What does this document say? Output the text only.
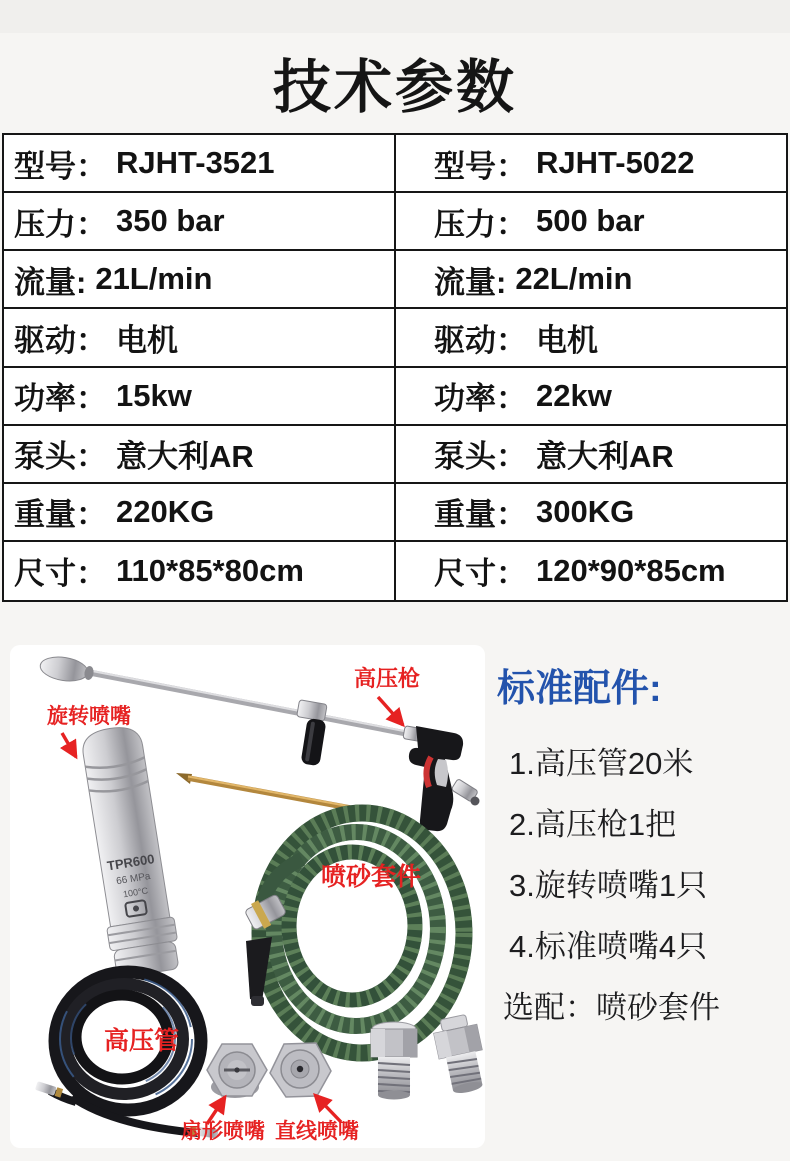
技术参数
型号： RJHT-3521	型号： RJHT-5022
压力： 350 bar	压力： 500 bar
流量: 21L/min	流量: 22L/min
驱动： 电机	驱动： 电机
功率： 15kw	功率： 22kw
泵头： 意大利AR	泵头： 意大利AR
重量： 220KG	重量： 300KG
尺寸： 110*85*80cm	尺寸： 120*90*85cm
TPR600
66 MPa
100°C
旋转喷嘴
高压枪
喷砂套件
高压管
扇形喷嘴 直线喷嘴

标准配件:

1.高压管20米

2.高压枪1把

3.旋转喷嘴1只

4.标准喷嘴4只

选配：喷砂套件
